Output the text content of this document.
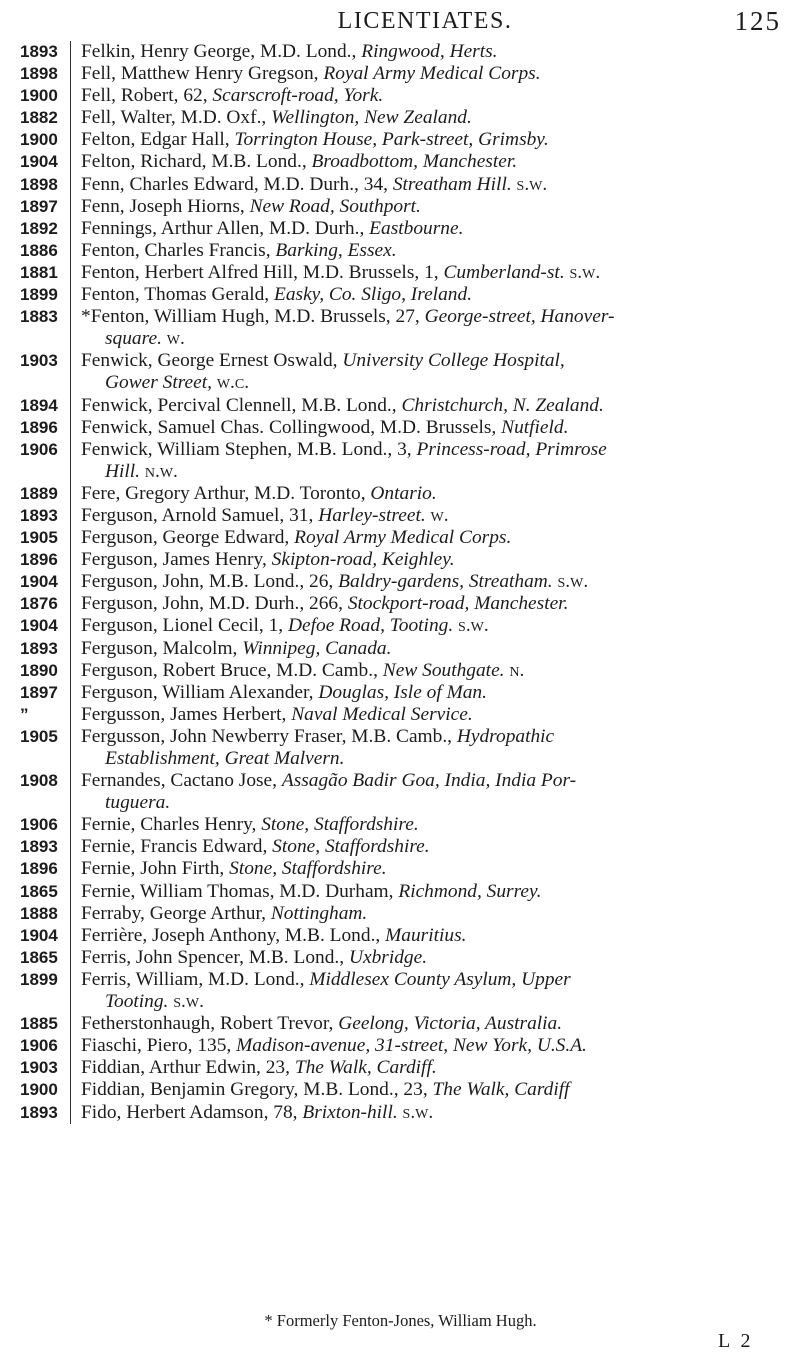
LICENTIATES.	125
1893	Felkin, Henry George, M.D. Lond., Ringwood, Herts.
1898	Fell, Matthew Henry Gregson, Royal Army Medical Corps.
1900	Fell, Robert, 62, Scarscroft-road, York.
1882	Fell, Walter, M.D. Oxf., Wellington, New Zealand.
1900	Felton, Edgar Hall, Torrington House, Park-street, Grimsby.
1904	Felton, Richard, M.B. Lond., Broadbottom, Manchester.
1898	Fenn, Charles Edward, M.D. Durh., 34, Streatham Hill. s.w.
1897	Fenn, Joseph Hiorns, New Road, Southport.
1892	Fennings, Arthur Allen, M.D. Durh., Eastbourne.
1886	Fenton, Charles Francis, Barking, Essex.
1881	Fenton, Herbert Alfred Hill, M.D. Brussels, 1, Cumberland-st. s.w.
1899	Fenton, Thomas Gerald, Easky, Co. Sligo, Ireland.
1883	*Fenton, William Hugh, M.D. Brussels, 27, George-street, Hanover-
square. w.
1903	Fenwick, George Ernest Oswald, University College Hospital,
Gower Street, w.c.
1894	Fenwick, Percival Clennell, M.B. Lond., Christchurch, N. Zealand.
1896	Fenwick, Samuel Chas. Collingwood, M.D. Brussels, Nutfield.
1906	Fenwick, William Stephen, M.B. Lond., 3, Princess-road, Primrose
Hill. n.w.
1889	Fere, Gregory Arthur, M.D. Toronto, Ontario.
1893	Ferguson, Arnold Samuel, 31, Harley-street. w.
1905	Ferguson, George Edward, Royal Army Medical Corps.
1896	Ferguson, James Henry, Skipton-road, Keighley.
1904	Ferguson, John, M.B. Lond., 26, Baldry-gardens, Streatham. s.w.
1876	Ferguson, John, M.D. Durh., 266, Stockport-road, Manchester.
1904	Ferguson, Lionel Cecil, 1, Defoe Road, Tooting. s.w.
1893	Ferguson, Malcolm, Winnipeg, Canada.
1890	Ferguson, Robert Bruce, M.D. Camb., New Southgate. n.
1897	Ferguson, William Alexander, Douglas, Isle of Man.
”	Fergusson, James Herbert, Naval Medical Service.
1905	Fergusson, John Newberry Fraser, M.B. Camb., Hydropathic
Establishment, Great Malvern.
1908	Fernandes, Cactano Jose, Assagão Badir Goa, India, India Por-
tuguera.
1906	Fernie, Charles Henry, Stone, Staffordshire.
1893	Fernie, Francis Edward, Stone, Staffordshire.
1896	Fernie, John Firth, Stone, Staffordshire.
1865	Fernie, William Thomas, M.D. Durham, Richmond, Surrey.
1888	Ferraby, George Arthur, Nottingham.
1904	Ferrière, Joseph Anthony, M.B. Lond., Mauritius.
1865	Ferris, John Spencer, M.B. Lond., Uxbridge.
1899	Ferris, William, M.D. Lond., Middlesex County Asylum, Upper
Tooting. s.w.
1885	Fetherstonhaugh, Robert Trevor, Geelong, Victoria, Australia.
1906	Fiaschi, Piero, 135, Madison-avenue, 31-street, New York, U.S.A.
1903	Fiddian, Arthur Edwin, 23, The Walk, Cardiff.
1900	Fiddian, Benjamin Gregory, M.B. Lond., 23, The Walk, Cardiff
1893	Fido, Herbert Adamson, 78, Brixton-hill. s.w.
* Formerly Fenton-Jones, William Hugh.
L 2
